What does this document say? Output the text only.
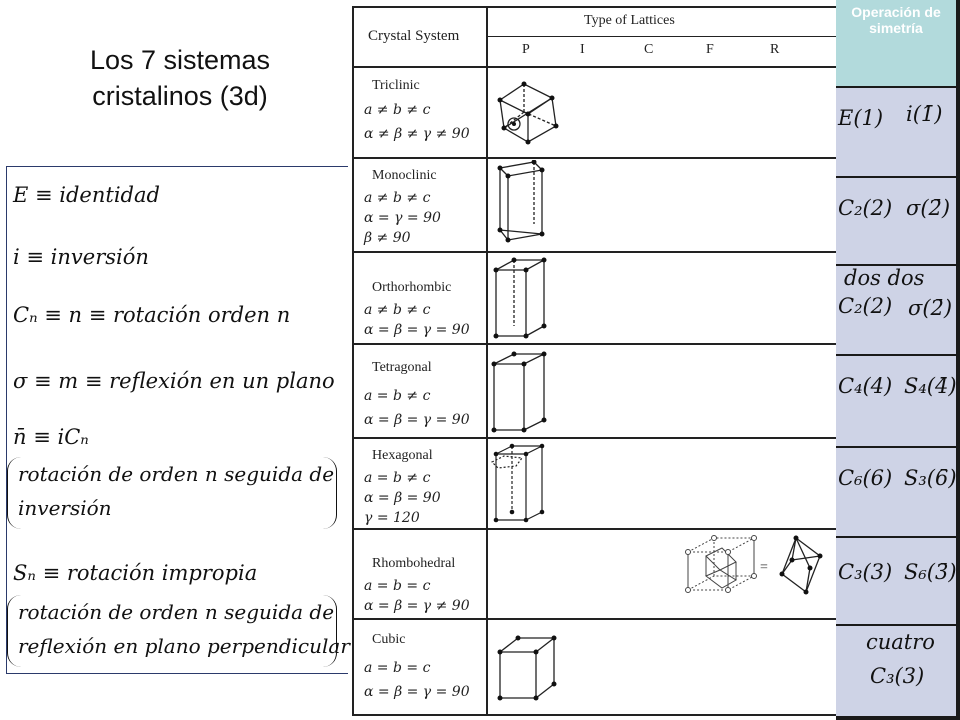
Los 7 sistemas
cristalinos (3d)
E ≡ identidad
i ≡ inversión
Cₙ ≡ n ≡ rotación orden n
σ ≡ m ≡ reflexión en un plano
n̄ ≡ iCₙ
rotación de orden n seguida de
inversión
Sₙ ≡ rotación impropia
rotación de orden n seguida de
reflexión en plano perpendicular
Crystal System
Type of Lattices
P	I	C	F	R
Triclinic
a ≠ b ≠ c
α ≠ β ≠ γ ≠ 90
Monoclinic
a ≠ b ≠ c
α = γ = 90
β ≠ 90
Orthorhombic
a ≠ b ≠ c
α = β = γ = 90
Tetragonal
a = b ≠ c
α = β = γ = 90
Hexagonal
a = b ≠ c
α = β = 90
γ = 120
Rhombohedral
a = b = c
α = β = γ ≠ 90
=
Cubic
a = b = c
α = β = γ = 90
Operación de simetría
E(1) i(1̄)
C₂(2) σ(2̄)
dos dos
C₂(2) σ(2̄)
C₄(4) S₄(4̄)
C₆(6) S₃(6̄)
C₃(3) S₆(3̄)
cuatro
C₃(3)
